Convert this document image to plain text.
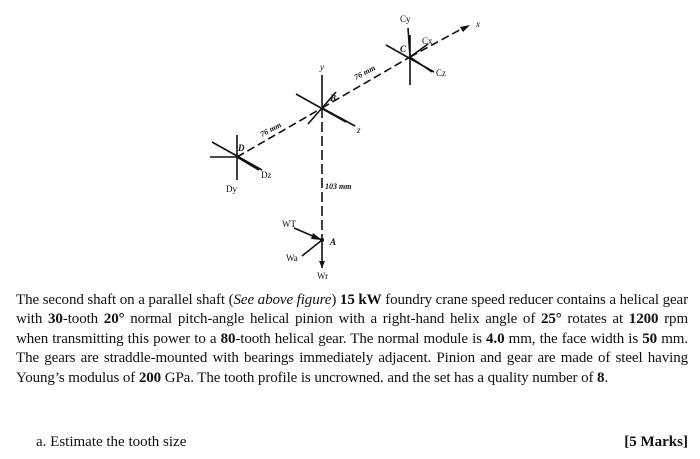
Cy
Cx
Cz
C
x
76 mm
y
B
z
76 mm
D
Dz
Dy	103 mm
WT
A
Wa
Wr

The second shaft on a parallel shaft (See above figure) 15 kW foundry crane speed reducer contains a helical gear with 30-tooth 20° normal pitch-angle helical pinion with a right-hand helix angle of 25° rotates at 1200 rpm when transmitting this power to a 80-tooth helical gear. The normal module is 4.0 mm, the face width is 50 mm. The gears are straddle-mounted with bearings immediately adjacent. Pinion and gear are made of steel having Young’s modulus of 200 GPa. The tooth profile is uncrowned. and the set has a quality number of 8.

a. Estimate the tooth size	[5 Marks]
